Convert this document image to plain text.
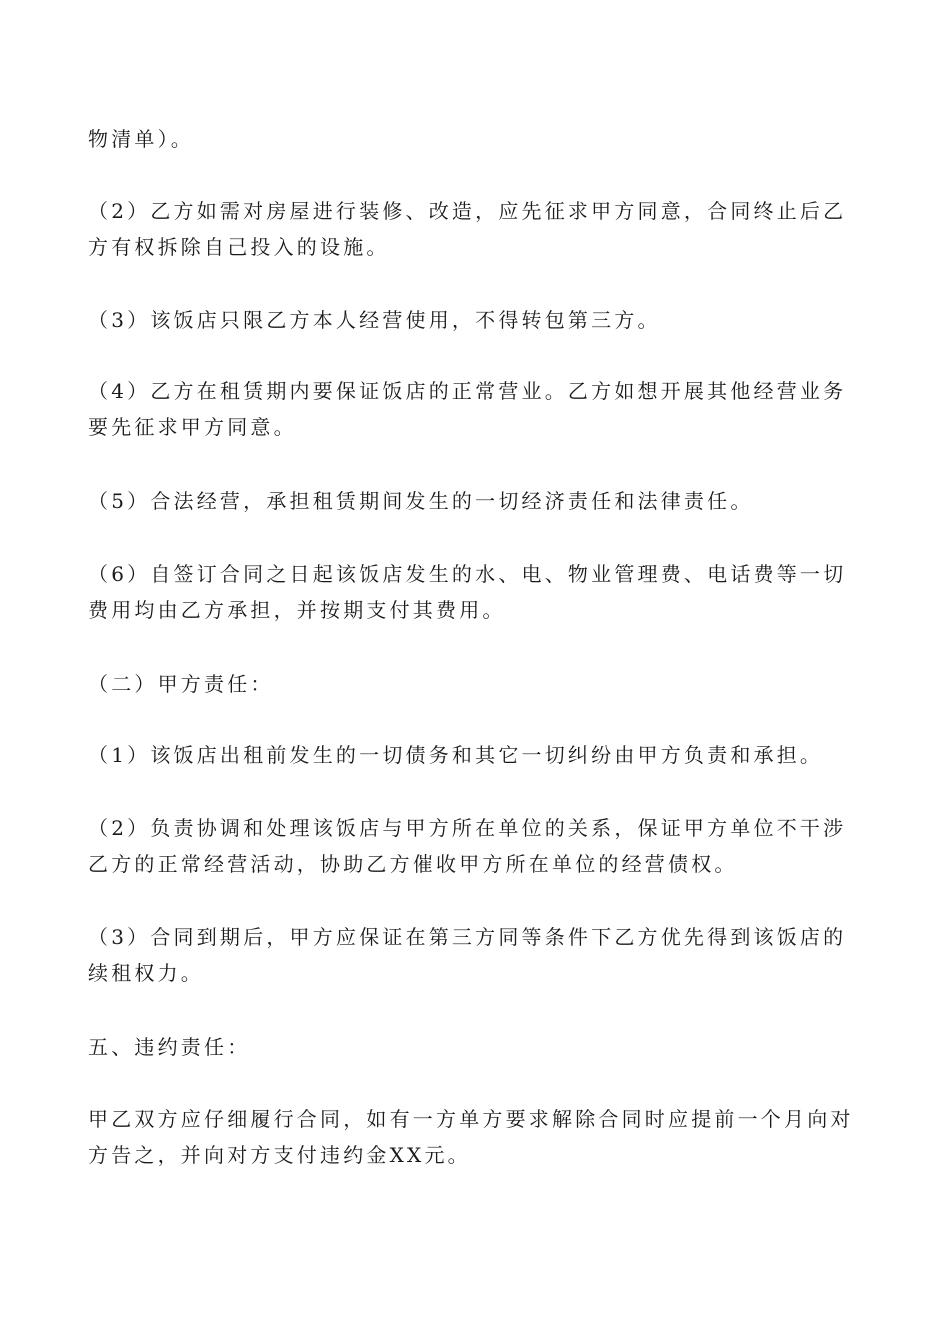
物清单）。

（2）乙方如需对房屋进行装修、改造，应先征求甲方同意，合同终止后乙方有权拆除自己投入的设施。

（3）该饭店只限乙方本人经营使用，不得转包第三方。

（4）乙方在租赁期内要保证饭店的正常营业。乙方如想开展其他经营业务要先征求甲方同意。

（5）合法经营，承担租赁期间发生的一切经济责任和法律责任。

（6）自签订合同之日起该饭店发生的水、电、物业管理费、电话费等一切费用均由乙方承担，并按期支付其费用。

（二）甲方责任：

（1）该饭店出租前发生的一切债务和其它一切纠纷由甲方负责和承担。

（2）负责协调和处理该饭店与甲方所在单位的关系，保证甲方单位不干涉乙方的正常经营活动，协助乙方催收甲方所在单位的经营债权。

（3）合同到期后，甲方应保证在第三方同等条件下乙方优先得到该饭店的续租权力。

五、违约责任：

甲乙双方应仔细履行合同，如有一方单方要求解除合同时应提前一个月向对方告之，并向对方支付违约金XX元。
